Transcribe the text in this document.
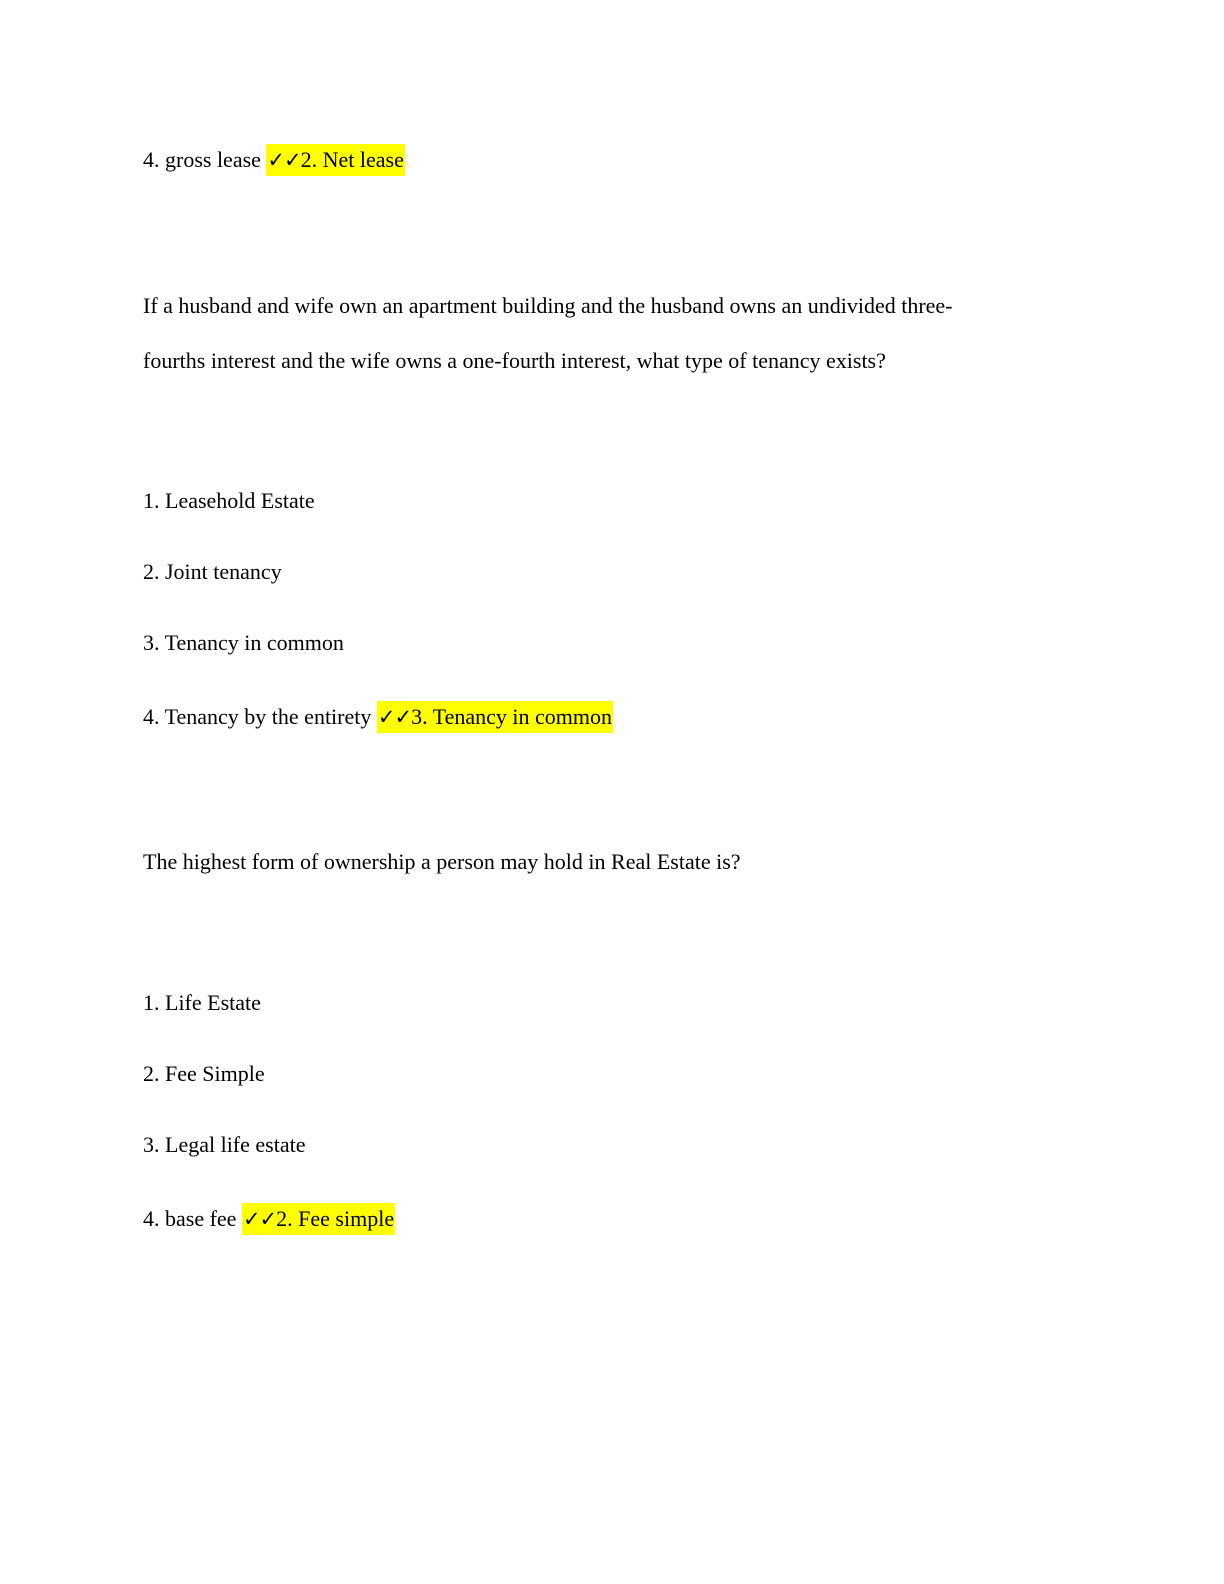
4. gross lease ✓✓2. Net lease
If a husband and wife own an apartment building and the husband owns an undivided three-
fourths interest and the wife owns a one-fourth interest, what type of tenancy exists?
1. Leasehold Estate
2. Joint tenancy
3. Tenancy in common
4. Tenancy by the entirety ✓✓3. Tenancy in common
The highest form of ownership a person may hold in Real Estate is?
1. Life Estate
2. Fee Simple
3. Legal life estate
4. base fee ✓✓2. Fee simple
